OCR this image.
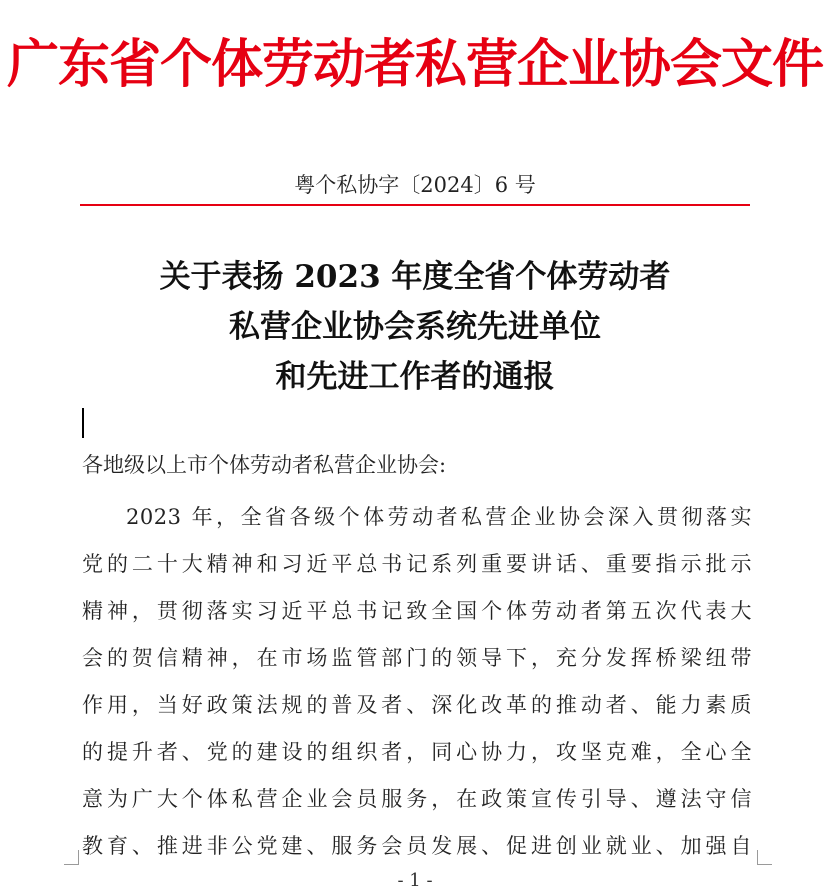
广东省个体劳动者私营企业协会文件
粤个私协字〔2024〕6 号
关于表扬 2023 年度全省个体劳动者
私营企业协会系统先进单位
和先进工作者的通报
各地级以上市个体劳动者私营企业协会:
2023 年，全省各级个体劳动者私营企业协会深入贯彻落实
党的二十大精神和习近平总书记系列重要讲话、重要指示批示
精神，贯彻落实习近平总书记致全国个体劳动者第五次代表大
会的贺信精神，在市场监管部门的领导下，充分发挥桥梁纽带
作用，当好政策法规的普及者、深化改革的推动者、能力素质
的提升者、党的建设的组织者，同心协力，攻坚克难，全心全
意为广大个体私营企业会员服务，在政策宣传引导、遵法守信
教育、推进非公党建、服务会员发展、促进创业就业、加强自
- 1 -
